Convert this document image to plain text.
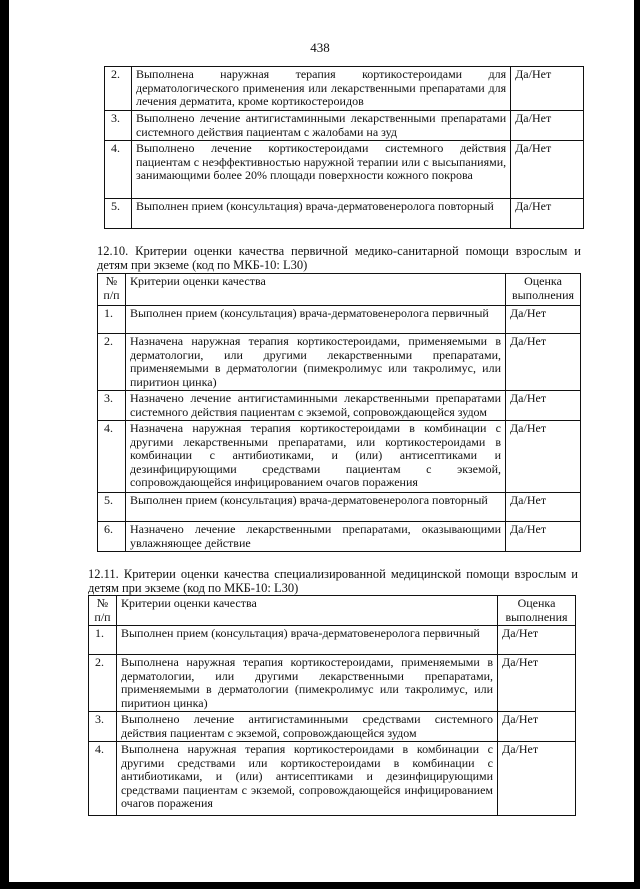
438
2.	Выполнена наружная терапия кортикостероидами для дерматологического применения или лекарственными препаратами для лечения дерматита, кроме кортикостероидов	Да/Нет
3.	Выполнено лечение антигистаминными лекарственными препаратами системного действия пациентам с жалобами на зуд	Да/Нет
4.	Выполнено лечение кортикостероидами системного действия пациентам с неэффективностью наружной терапии или с высыпаниями, занимающими более 20% площади поверхности кожного покрова	Да/Нет
5.	Выполнен прием (консультация) врача-дерматовенеролога повторный	Да/Нет
12.10. Критерии оценки качества первичной медико-санитарной помощи взрослым и детям при экземе (код по МКБ-10: L30)
№ п/п	Критерии оценки качества	Оценка выполнения
1.	Выполнен прием (консультация) врача-дерматовенеролога первичный	Да/Нет
2.	Назначена наружная терапия кортикостероидами, применяемыми в дерматологии, или другими лекарственными препаратами, применяемыми в дерматологии (пимекролимус или такролимус, или пиритион цинка)	Да/Нет
3.	Назначено лечение антигистаминными лекарственными препаратами системного действия пациентам с экземой, сопровождающейся зудом	Да/Нет
4.	Назначена наружная терапия кортикостероидами в комбинации с другими лекарственными препаратами, или кортикостероидами в комбинации с антибиотиками, и (или) антисептиками и дезинфицирующими средствами пациентам с экземой, сопровождающейся инфицированием очагов поражения	Да/Нет
5.	Выполнен прием (консультация) врача-дерматовенеролога повторный	Да/Нет
6.	Назначено лечение лекарственными препаратами, оказывающими увлажняющее действие	Да/Нет
12.11. Критерии оценки качества специализированной медицинской помощи взрослым и детям при экземе (код по МКБ-10: L30)
№ п/п	Критерии оценки качества	Оценка выполнения
1.	Выполнен прием (консультация) врача-дерматовенеролога первичный	Да/Нет
2.	Выполнена наружная терапия кортикостероидами, применяемыми в дерматологии, или другими лекарственными препаратами, применяемыми в дерматологии (пимекролимус или такролимус, или пиритион цинка)	Да/Нет
3.	Выполнено лечение антигистаминными средствами системного действия пациентам с экземой, сопровождающейся зудом	Да/Нет
4.	Выполнена наружная терапия кортикостероидами в комбинации с другими средствами или кортикостероидами в комбинации с антибиотиками, и (или) антисептиками и дезинфицирующими средствами пациентам с экземой, сопровождающейся инфицированием очагов поражения	Да/Нет
